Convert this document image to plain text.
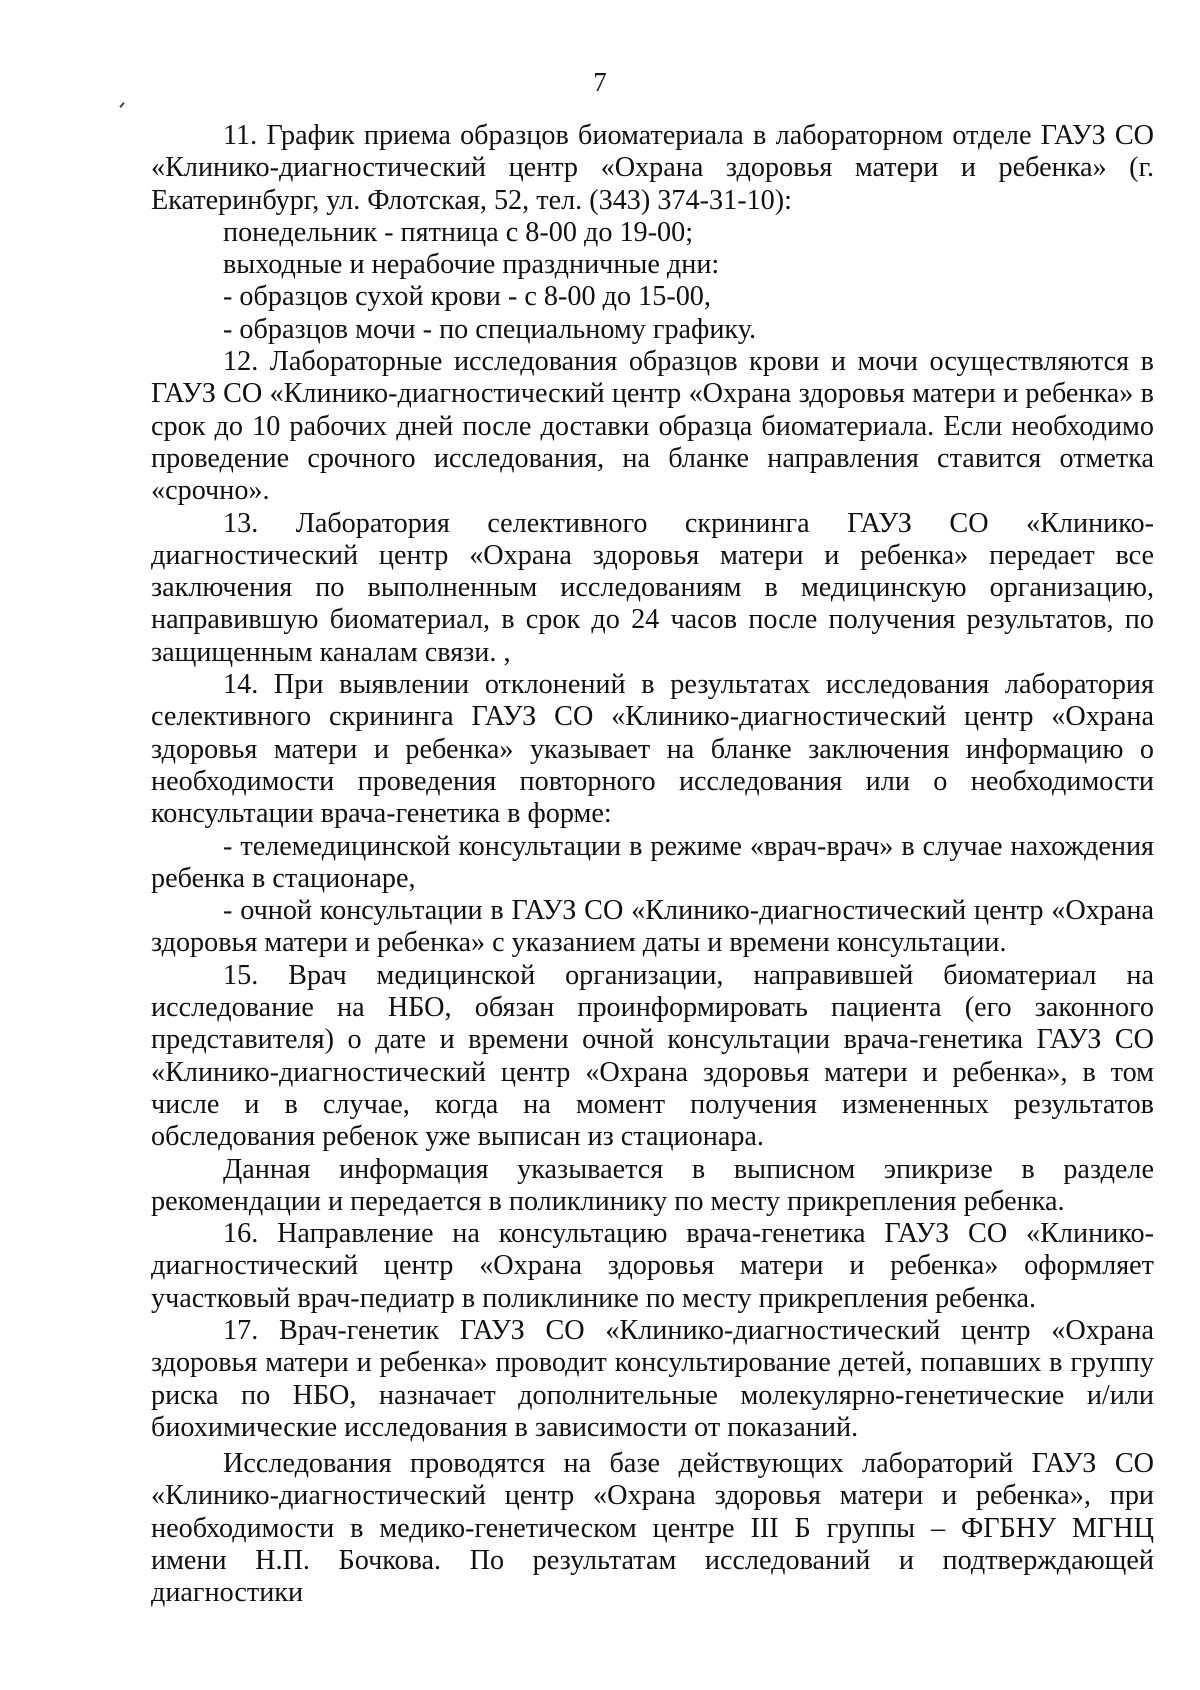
7

11. График приема образцов биоматериала в лабораторном отделе ГАУЗ СО «Клинико-диагностический центр «Охрана здоровья матери и ребенка» (г. Екатеринбург, ул. Флотская, 52, тел. (343) 374-31-10):

понедельник - пятница с 8-00 до 19-00;

выходные и нерабочие праздничные дни:

- образцов сухой крови - с 8-00 до 15-00,

- образцов мочи - по специальному графику.

12. Лабораторные исследования образцов крови и мочи осуществляются в ГАУЗ СО «Клинико-диагностический центр «Охрана здоровья матери и ребенка» в срок до 10 рабочих дней после доставки образца биоматериала. Если необходимо проведение срочного исследования, на бланке направления ставится отметка «срочно».

13. Лаборатория селективного скрининга ГАУЗ СО «Клинико-диагностический центр «Охрана здоровья матери и ребенка» передает все заключения по выполненным исследованиям в медицинскую организацию, направившую биоматериал, в срок до 24 часов после получения результатов, по защищенным каналам связи. ,

14. При выявлении отклонений в результатах исследования лаборатория селективного скрининга ГАУЗ СО «Клинико-диагностический центр «Охрана здоровья матери и ребенка» указывает на бланке заключения информацию о необходимости проведения повторного исследования или о необходимости консультации врача-генетика в форме:

- телемедицинской консультации в режиме «врач-врач» в случае нахождения ребенка в стационаре,

- очной консультации в ГАУЗ СО «Клинико-диагностический центр «Охрана здоровья матери и ребенка» с указанием даты и времени консультации.

15. Врач медицинской организации, направившей биоматериал на исследование на НБО, обязан проинформировать пациента (его законного представителя) о дате и времени очной консультации врача-генетика ГАУЗ СО «Клинико-диагностический центр «Охрана здоровья матери и ребенка», в том числе и в случае, когда на момент получения измененных результатов обследования ребенок уже выписан из стационара.

Данная информация указывается в выписном эпикризе в разделе рекомендации и передается в поликлинику по месту прикрепления ребенка.

16. Направление на консультацию врача-генетика ГАУЗ СО «Клинико-диагностический центр «Охрана здоровья матери и ребенка» оформляет участковый врач-педиатр в поликлинике по месту прикрепления ребенка.

17. Врач-генетик ГАУЗ СО «Клинико-диагностический центр «Охрана здоровья матери и ребенка» проводит консультирование детей, попавших в группу риска по НБО, назначает дополнительные молекулярно-генетические и/или биохимические исследования в зависимости от показаний.

Исследования проводятся на базе действующих лабораторий ГАУЗ СО «Клинико-диагностический центр «Охрана здоровья матери и ребенка», при необходимости в медико-генетическом центре III Б группы – ФГБНУ МГНЦ имени Н.П. Бочкова. По результатам исследований и подтверждающей диагностики
